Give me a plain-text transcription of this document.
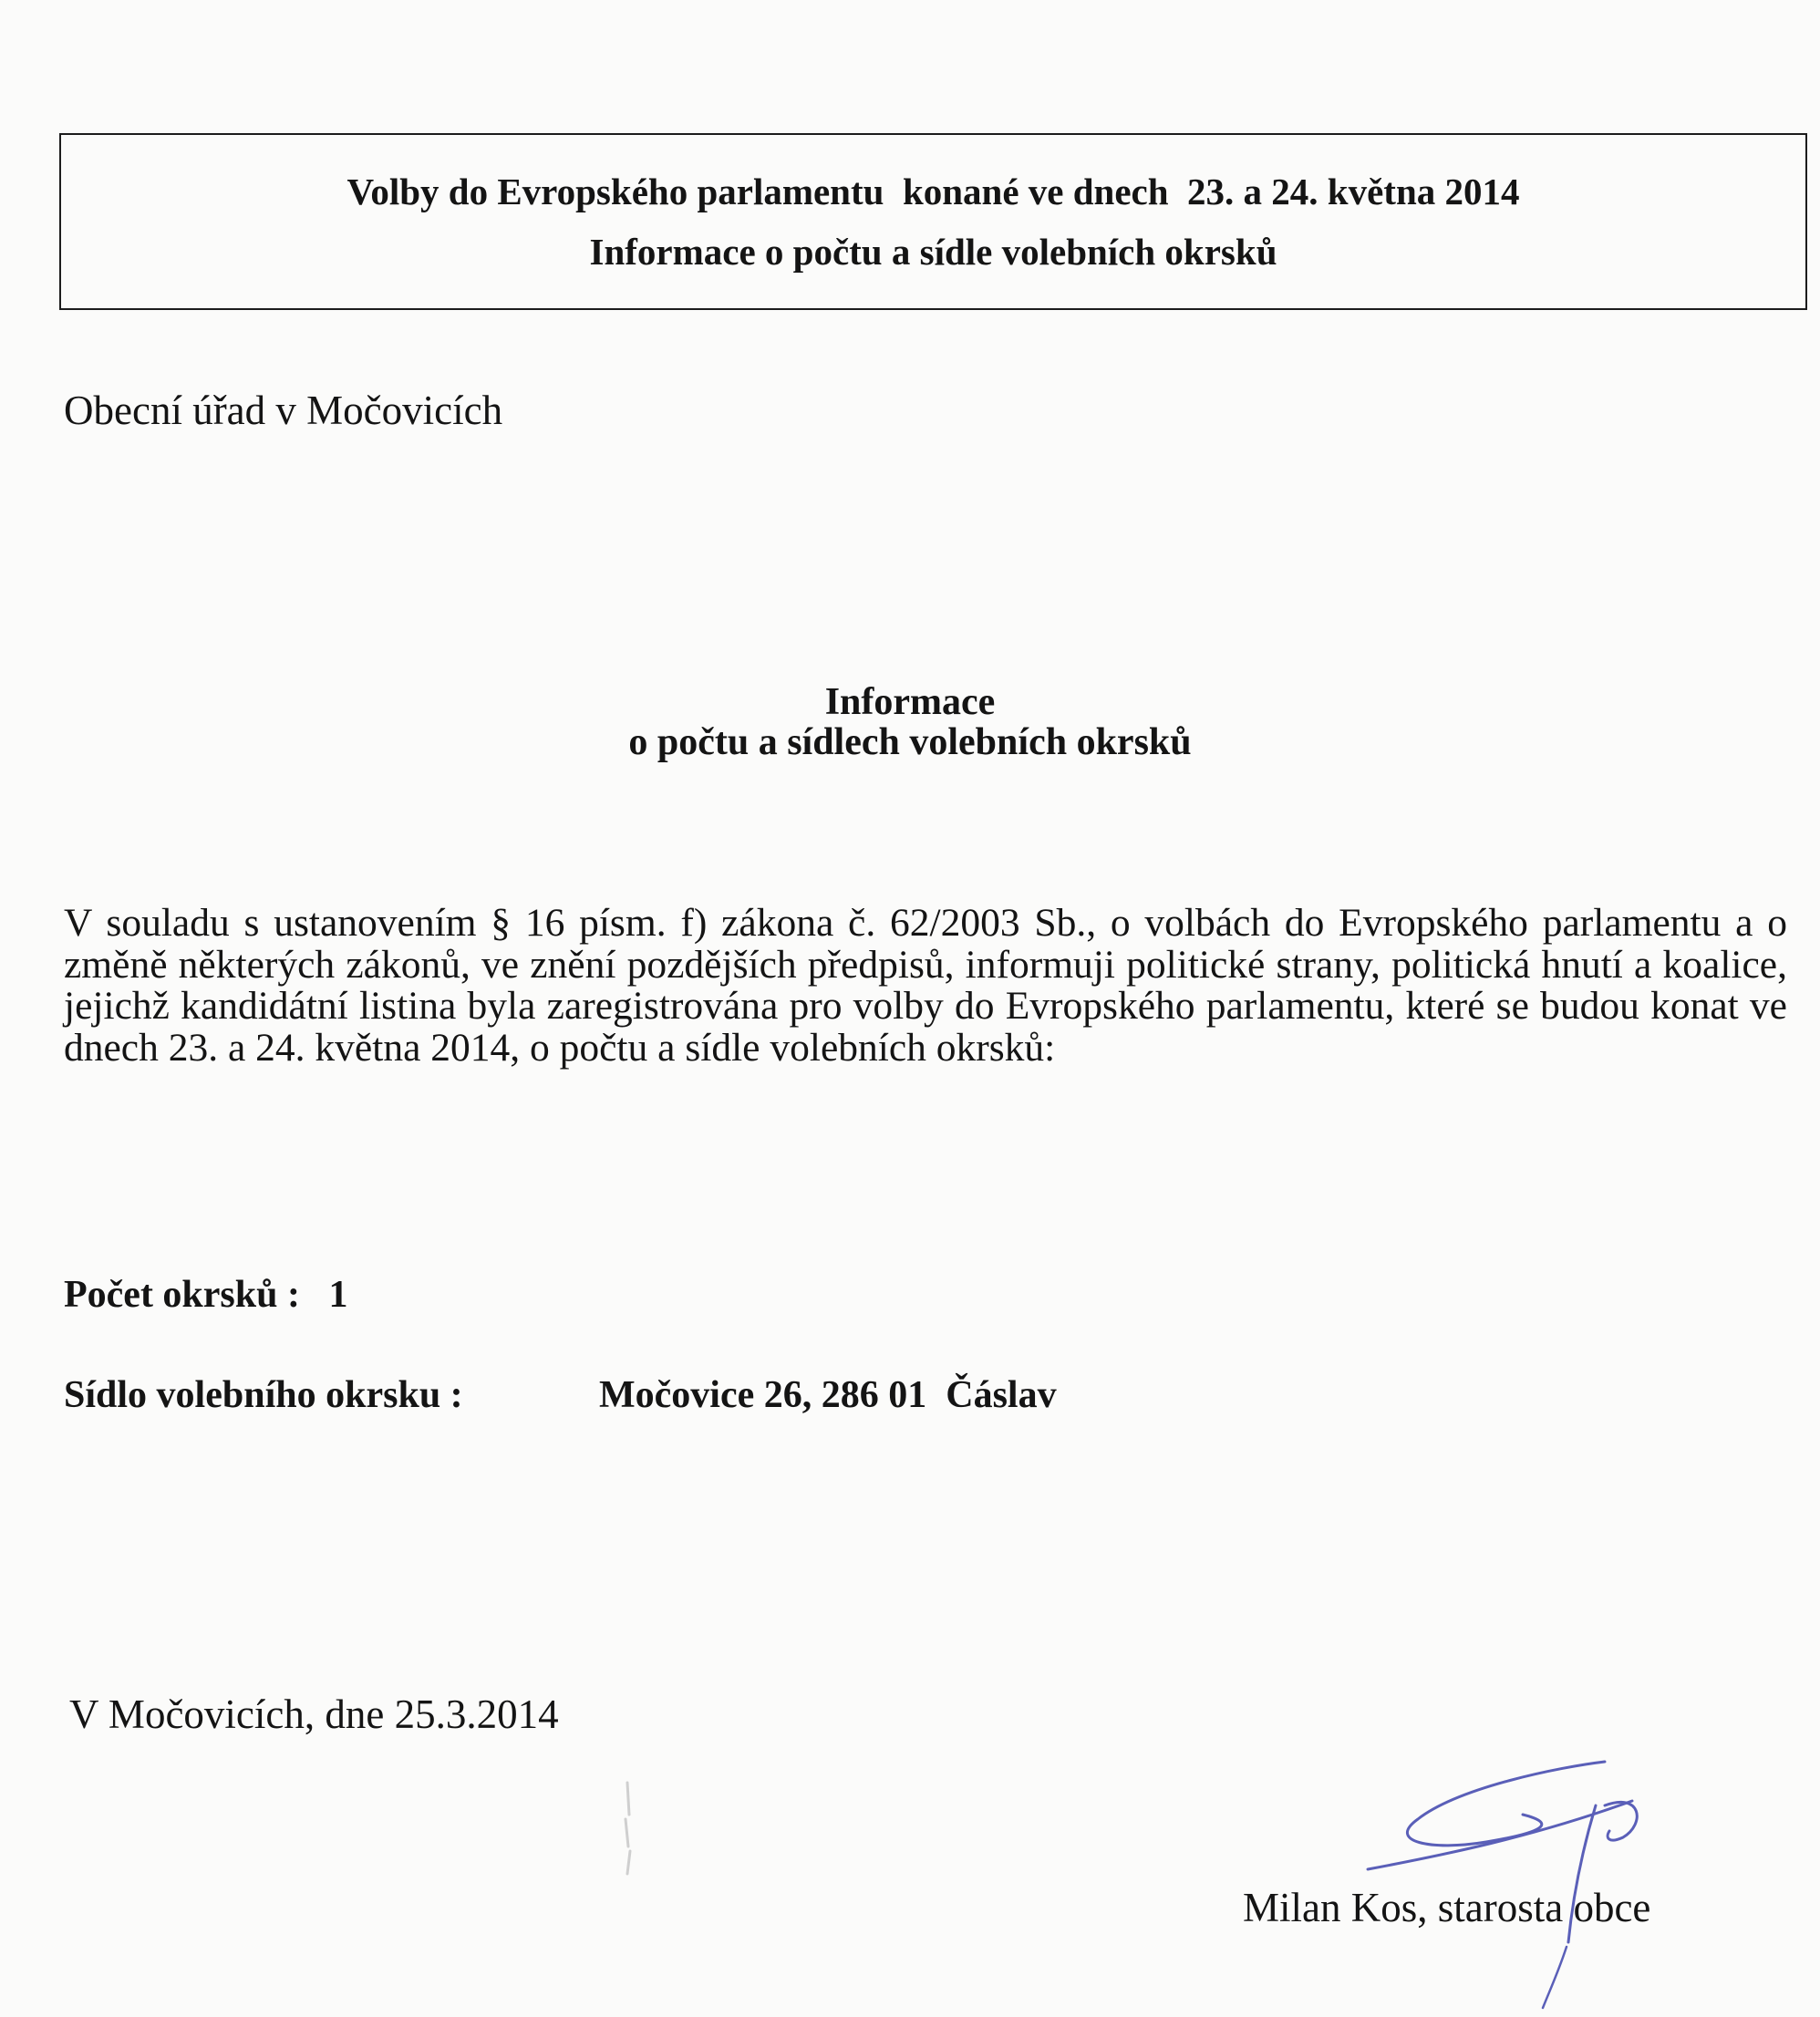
Volby do Evropského parlamentu  konané ve dnech  23. a 24. května 2014
Informace o počtu a sídle volebních okrsků
Obecní úřad v Močovicích
Informace
o počtu a sídlech volebních okrsků
V souladu s ustanovením § 16 písm. f) zákona č. 62/2003 Sb., o volbách do Evropského parlamentu a o změně některých zákonů, ve znění pozdějších předpisů, informuji politické strany, politická hnutí a koalice, jejichž kandidátní listina byla zaregistrována pro volby do Evropského parlamentu, které se budou konat ve dnech 23. a 24. května 2014, o počtu a sídle volebních okrsků:
Počet okrsků : 1
Sídlo volebního okrsku :	Močovice 26, 286 01  Čáslav
V Močovicích, dne 25.3.2014
Milan Kos, starosta obce
